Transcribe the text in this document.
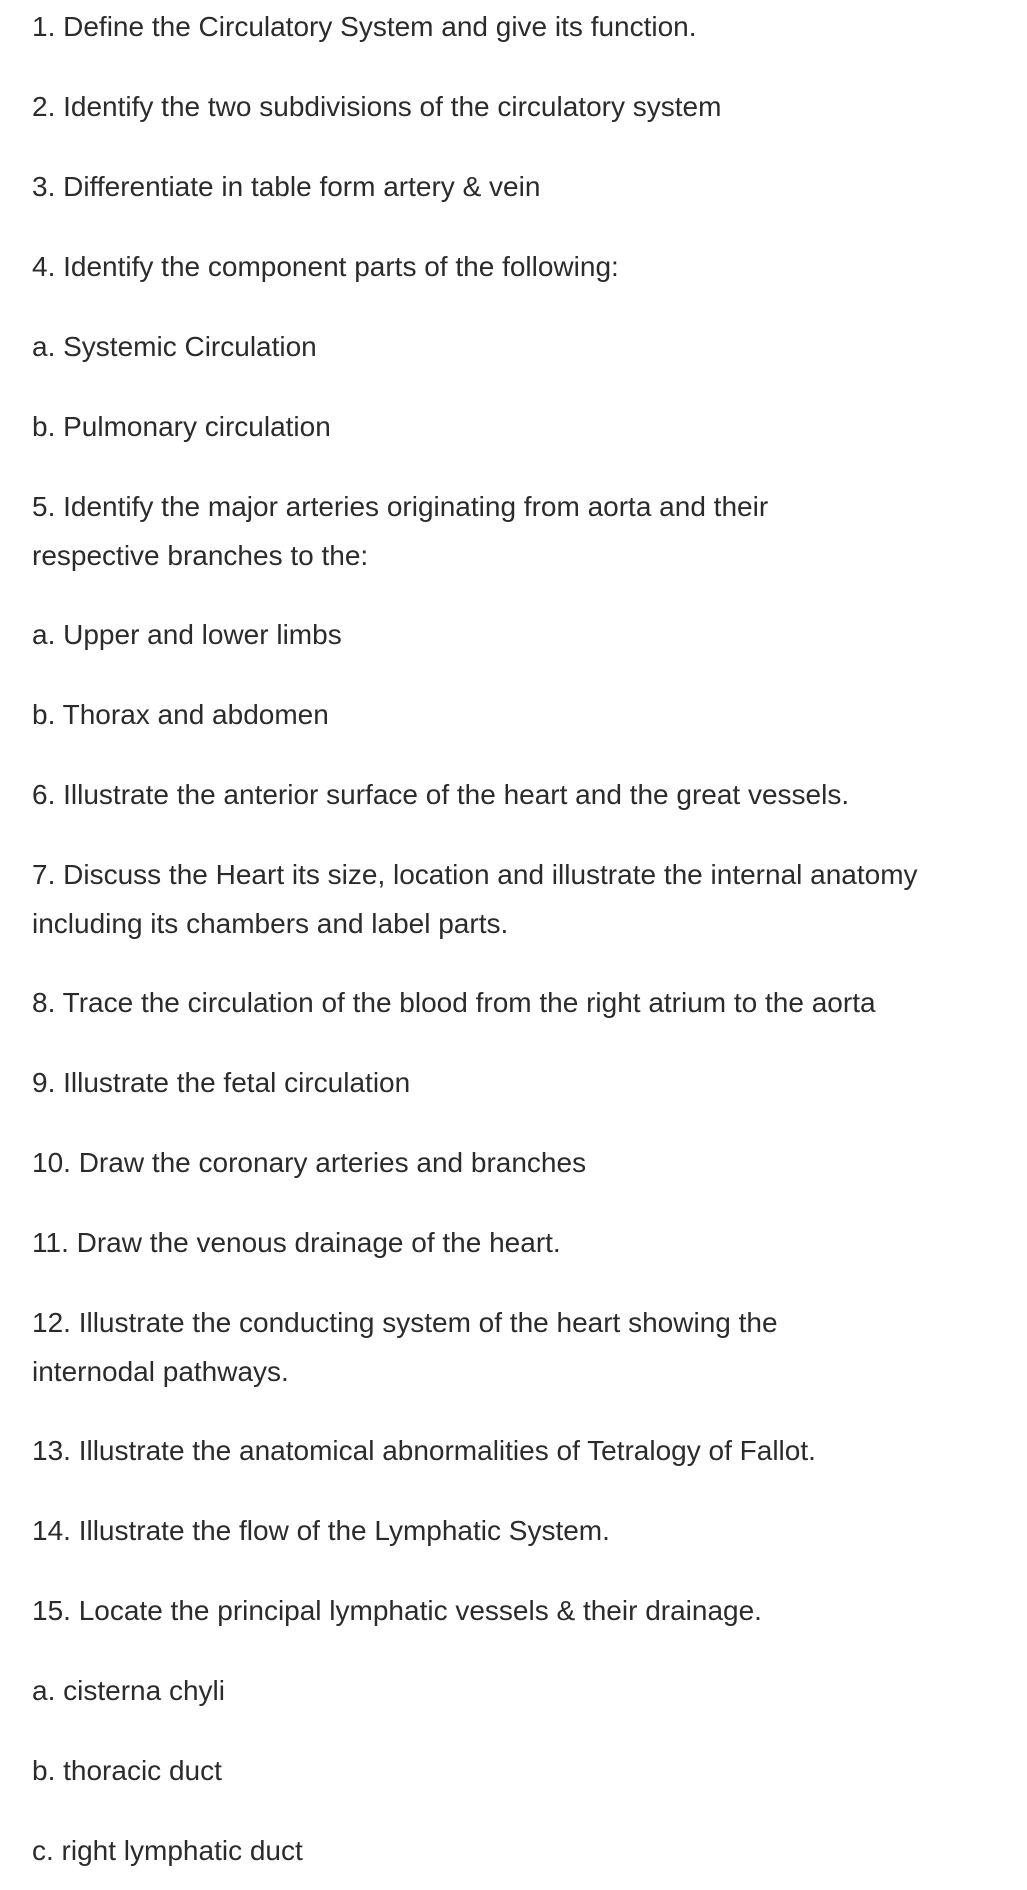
1. Define the Circulatory System and give its function.

2. Identify the two subdivisions of the circulatory system

3. Differentiate in table form artery & vein

4. Identify the component parts of the following:

a. Systemic Circulation

b. Pulmonary circulation

5. Identify the major arteries originating from aorta and their respective branches to the:

a. Upper and lower limbs

b. Thorax and abdomen

6. Illustrate the anterior surface of the heart and the great vessels.

7. Discuss the Heart its size, location and illustrate the internal anatomy including its chambers and label parts.

8. Trace the circulation of the blood from the right atrium to the aorta

9. Illustrate the fetal circulation

10. Draw the coronary arteries and branches

11. Draw the venous drainage of the heart.

12. Illustrate the conducting system of the heart showing the internodal pathways.

13. Illustrate the anatomical abnormalities of Tetralogy of Fallot.

14. Illustrate the flow of the Lymphatic System.

15. Locate the principal lymphatic vessels & their drainage.

a. cisterna chyli

b. thoracic duct

c. right lymphatic duct
